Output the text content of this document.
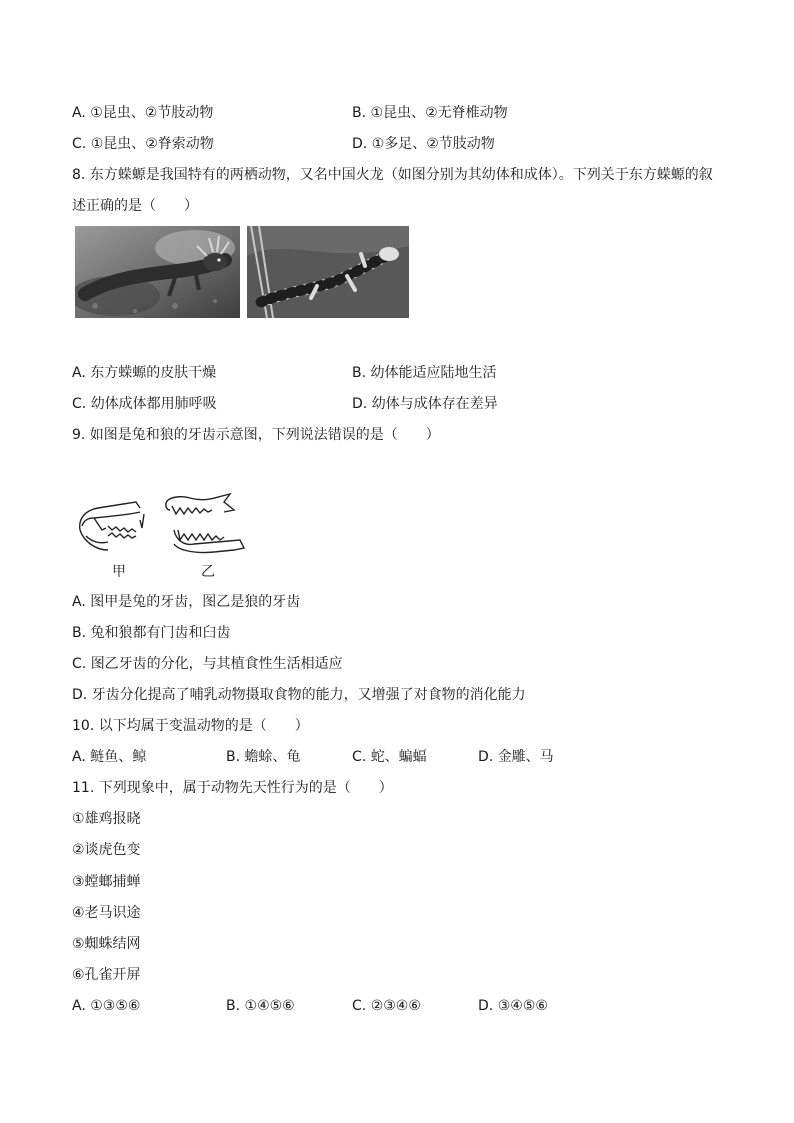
A. ①昆虫、②节肢动物	B. ①昆虫、②无脊椎动物
C. ①昆虫、②脊索动物	D. ①多足、②节肢动物
8. 东方蝾螈是我国特有的两栖动物，又名中国火龙（如图分别为其幼体和成体）。下列关于东方蝾螈的叙
述正确的是（　　）
A. 东方蝾螈的皮肤干燥	B. 幼体能适应陆地生活
C. 幼体成体都用肺呼吸	D. 幼体与成体存在差异
9. 如图是兔和狼的牙齿示意图，下列说法错误的是（　　）
甲	乙
A. 图甲是兔的牙齿，图乙是狼的牙齿
B. 兔和狼都有门齿和臼齿
C. 图乙牙齿的分化，与其植食性生活相适应
D. 牙齿分化提高了哺乳动物摄取食物的能力，又增强了对食物的消化能力
10. 以下均属于变温动物的是（　　）
A. 鲢鱼、鲸	B. 蟾蜍、龟	C. 蛇、蝙蝠	D. 金雕、马
11. 下列现象中，属于动物先天性行为的是（　　）
①雄鸡报晓
②谈虎色变
③螳螂捕蝉
④老马识途
⑤蜘蛛结网
⑥孔雀开屏
A. ①③⑤⑥	B. ①④⑤⑥	C. ②③④⑥	D. ③④⑤⑥
